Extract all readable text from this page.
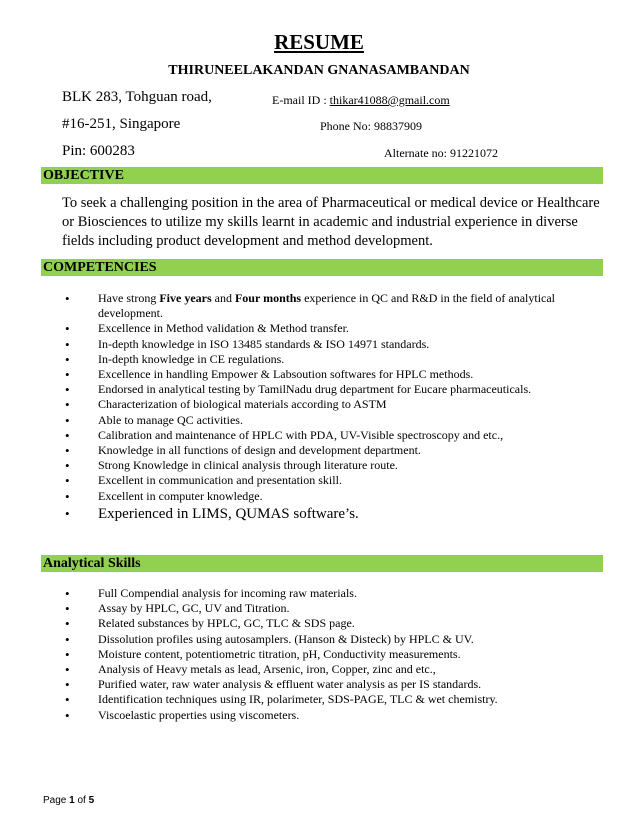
RESUME
THIRUNEELAKANDAN GNANASAMBANDAN
BLK 283, Tohguan road,
#16-251, Singapore
Pin: 600283
E-mail ID : thikar41088@gmail.com
Phone No: 98837909
Alternate no: 91221072
OBJECTIVE
To seek a challenging position in the area of Pharmaceutical or medical device or Healthcare or Biosciences to utilize my skills learnt in academic and industrial experience in diverse fields including product development and method development.
COMPETENCIES
• Have strong Five years and Four months experience in QC and R&D in the field of analytical development.
• Excellence in Method validation & Method transfer.
• In-depth knowledge in ISO 13485 standards & ISO 14971 standards.
• In-depth knowledge in CE regulations.
• Excellence in handling Empower & Labsoution softwares for HPLC methods.
• Endorsed in analytical testing by TamilNadu drug department for Eucare pharmaceuticals.
• Characterization of biological materials according to ASTM
• Able to manage QC activities.
• Calibration and maintenance of HPLC with PDA, UV-Visible spectroscopy and etc.,
• Knowledge in all functions of design and development department.
• Strong Knowledge in clinical analysis through literature route.
• Excellent in communication and presentation skill.
• Excellent in computer knowledge.
• Experienced in LIMS, QUMAS software’s.
Analytical Skills
• Full Compendial analysis for incoming raw materials.
• Assay by HPLC, GC, UV and Titration.
• Related substances by HPLC, GC, TLC & SDS page.
• Dissolution profiles using autosamplers. (Hanson & Disteck) by HPLC & UV.
• Moisture content, potentiometric titration, pH, Conductivity measurements.
• Analysis of Heavy metals as lead, Arsenic, iron, Copper, zinc and etc.,
• Purified water, raw water analysis & effluent water analysis as per IS standards.
• Identification techniques using IR, polarimeter, SDS-PAGE, TLC & wet chemistry.
• Viscoelastic properties using viscometers.
Page 1 of 5
